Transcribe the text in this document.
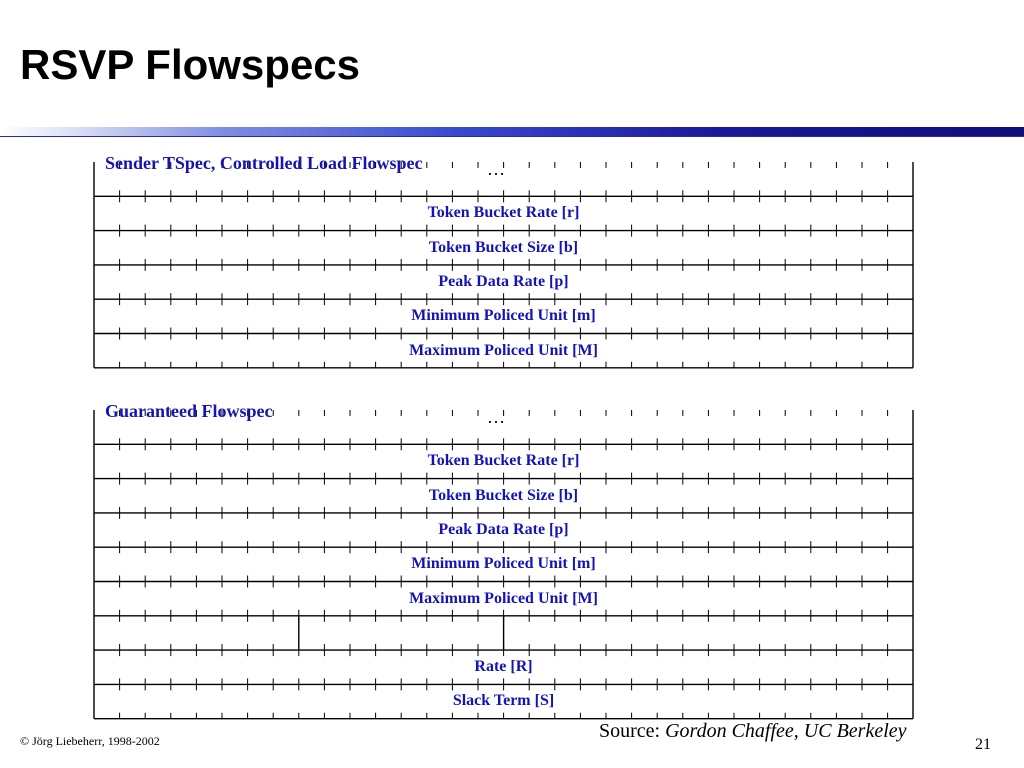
RSVP Flowspecs
Sender TSpec, Controlled Load Flowspec	…
Token Bucket Rate [r]
Token Bucket Size [b]
Peak Data Rate [p]
Minimum Policed Unit [m]
Maximum Policed Unit [M]
Guaranteed Flowspec	…
Token Bucket Rate [r]
Token Bucket Size [b]
Peak Data Rate [p]
Minimum Policed Unit [m]
Maximum Policed Unit [M]
Rate [R]
Slack Term [S]
© Jörg Liebeherr, 1998-2002	Source: Gordon Chaffee, UC Berkeley
21
